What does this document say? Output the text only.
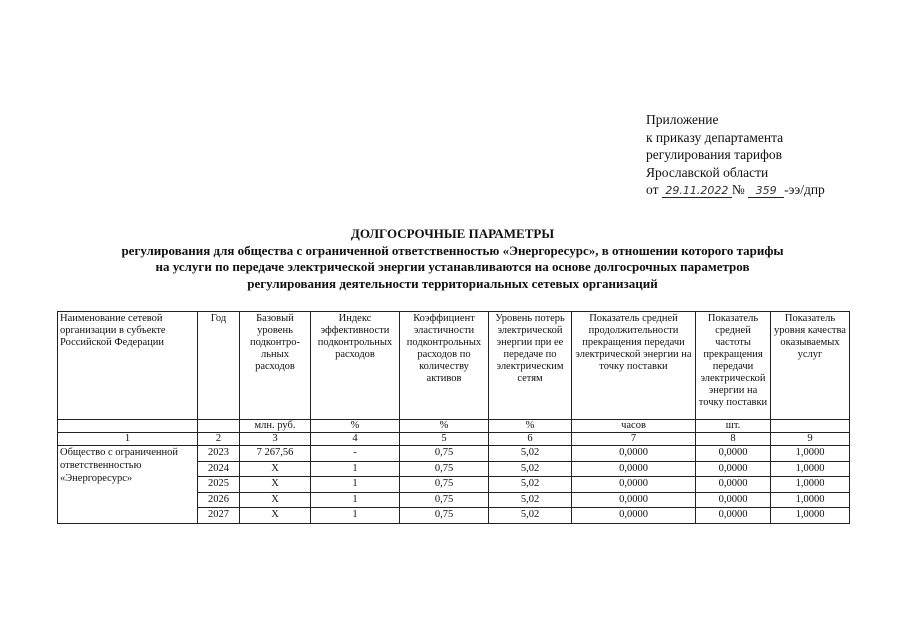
Приложение
к приказу департамента
регулирования тарифов
Ярославской области
от 29.11.2022 № 359 -ээ/дпр
ДОЛГОСРОЧНЫЕ ПАРАМЕТРЫ
регулирования для общества с ограниченной ответственностью «Энергоресурс», в отношении которого тарифы
на услуги по передаче электрической энергии устанавливаются на основе долгосрочных параметров
регулирования деятельности территориальных сетевых организаций
Наименование сетевой организации в субъекте Российской Федерации	Год	Базовый уровень подконтро-льных расходов	Индекс эффективности подконтрольных расходов	Коэффициент эластичности подконтрольных расходов по количеству активов	Уровень потерь электрической энергии при ее передаче по электрическим сетям	Показатель средней продолжительности прекращения передачи электрической энергии на точку поставки	Показатель средней частоты прекращения передачи электрической энергии на точку поставки	Показатель уровня качества оказываемых услуг
		млн. руб.	%	%	%	часов	шт.	
1	2	3	4	5	6	7	8	9
Общество с ограниченной ответственностью «Энергоресурс»	2023	7 267,56	-	0,75	5,02	0,0000	0,0000	1,0000
	2024	X	1	0,75	5,02	0,0000	0,0000	1,0000
	2025	X	1	0,75	5,02	0,0000	0,0000	1,0000
	2026	X	1	0,75	5,02	0,0000	0,0000	1,0000
	2027	X	1	0,75	5,02	0,0000	0,0000	1,0000
